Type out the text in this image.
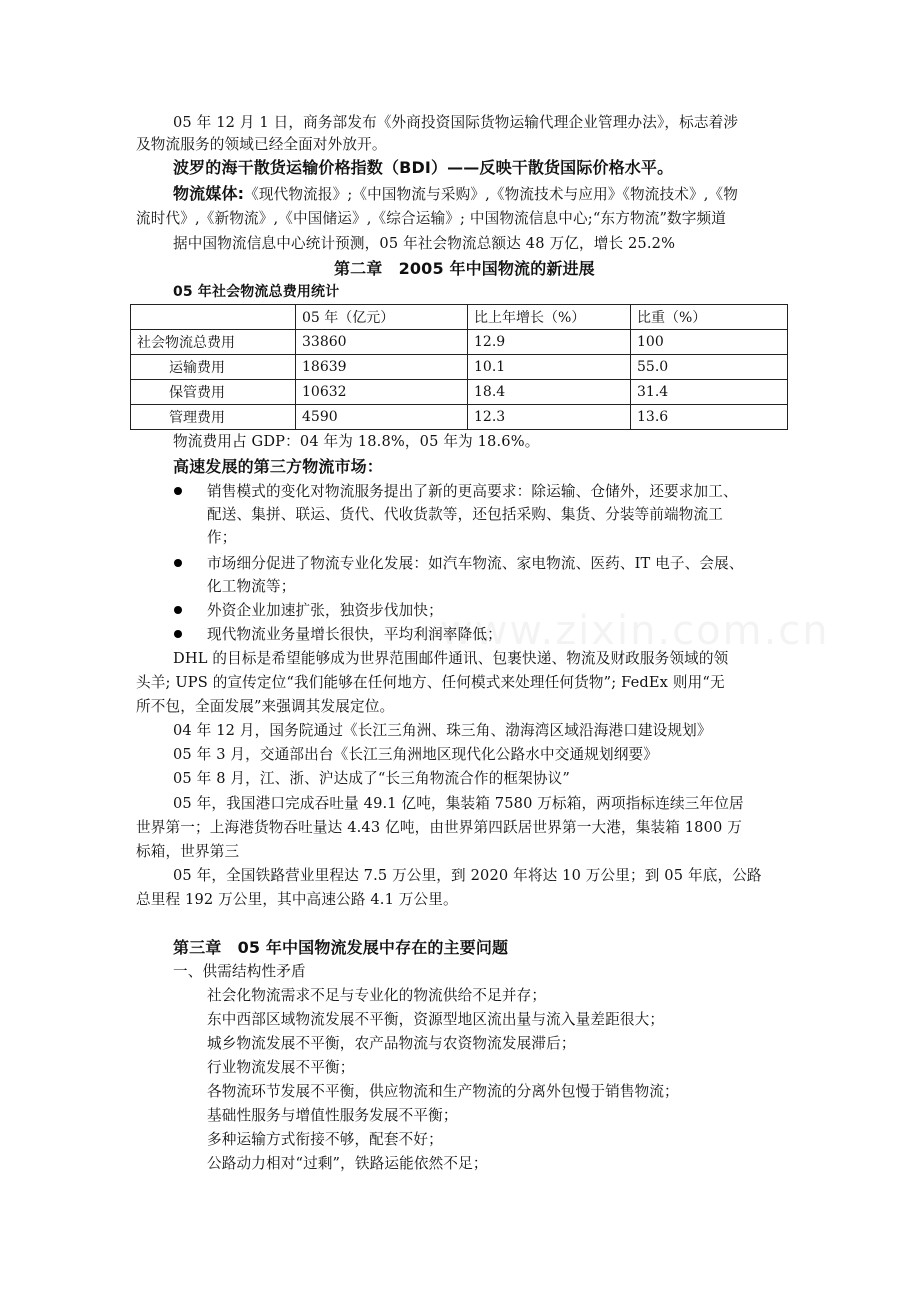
05 年 12 月 1 日，商务部发布《外商投资国际货物运输代理企业管理办法》，标志着涉
及物流服务的领域已经全面对外放开。
波罗的海干散货运输价格指数（BDI）——反映干散货国际价格水平。
物流媒体:《现代物流报》;《中国物流与采购》,《物流技术与应用》《物流技术》,《物
流时代》,《新物流》,《中国储运》,《综合运输》; 中国物流信息中心;“东方物流”数字频道
据中国物流信息中心统计预测，05 年社会物流总额达 48 万亿，增长 25.2%
第二章　2005 年中国物流的新进展
05 年社会物流总费用统计
	05 年（亿元）	比上年增长（%）	比重（%）
社会物流总费用	33860	12.9	100
运输费用	18639	10.1	55.0
保管费用	10632	18.4	31.4
管理费用	4590	12.3	13.6
物流费用占 GDP：04 年为 18.8%，05 年为 18.6%。
高速发展的第三方物流市场：
销售模式的变化对物流服务提出了新的更高要求：除运输、仓储外，还要求加工、
配送、集拼、联运、货代、代收货款等，还包括采购、集货、分装等前端物流工
作；
市场细分促进了物流专业化发展：如汽车物流、家电物流、医药、IT 电子、会展、
化工物流等；
外资企业加速扩张，独资步伐加快；
现代物流业务量增长很快，平均利润率降低；
DHL 的目标是希望能够成为世界范围邮件通讯、包裹快递、物流及财政服务领域的领
头羊; UPS 的宣传定位“我们能够在任何地方、任何模式来处理任何货物”; FedEx 则用“无
所不包，全面发展”来强调其发展定位。
04 年 12 月，国务院通过《长江三角洲、珠三角、渤海湾区域沿海港口建设规划》
05 年 3 月，交通部出台《长江三角洲地区现代化公路水中交通规划纲要》
05 年 8 月，江、浙、沪达成了“长三角物流合作的框架协议”
05 年，我国港口完成吞吐量 49.1 亿吨，集装箱 7580 万标箱，两项指标连续三年位居
世界第一；上海港货物吞吐量达 4.43 亿吨，由世界第四跃居世界第一大港，集装箱 1800 万
标箱，世界第三
05 年，全国铁路营业里程达 7.5 万公里，到 2020 年将达 10 万公里；到 05 年底，公路
总里程 192 万公里，其中高速公路 4.1 万公里。
第三章　05 年中国物流发展中存在的主要问题
一、供需结构性矛盾
社会化物流需求不足与专业化的物流供给不足并存；
东中西部区域物流发展不平衡，资源型地区流出量与流入量差距很大；
城乡物流发展不平衡，农产品物流与农资物流发展滞后；
行业物流发展不平衡；
各物流环节发展不平衡，供应物流和生产物流的分离外包慢于销售物流；
基础性服务与增值性服务发展不平衡；
多种运输方式衔接不够，配套不好；
公路动力相对“过剩”，铁路运能依然不足；
